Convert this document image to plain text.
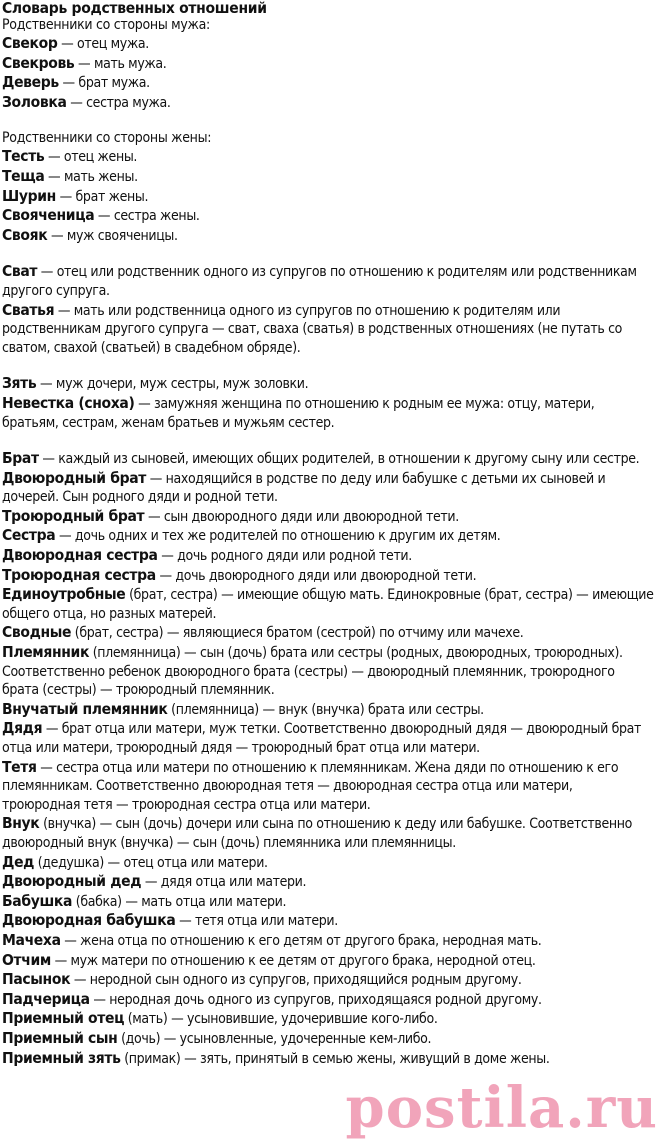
Словарь родственных отношений

Родственники со стороны мужа:

Свекор — отец мужа.

Свекровь — мать мужа.

Деверь — брат мужа.

Золовка — сестра мужа.

Родственники со стороны жены:

Тесть — отец жены.

Теща — мать жены.

Шурин — брат жены.

Свояченица — сестра жены.

Свояк — муж свояченицы.

Сват — отец или родственник одного из супругов по отношению к родителям или родственникам другого супруга.

Сватья — мать или родственница одного из супругов по отношению к родителям или родственникам другого супруга — сват, сваха (сватья) в родственных отношениях (не путать со сватом, свахой (сватьей) в свадебном обряде).

Зять — муж дочери, муж сестры, муж золовки.

Невестка (сноха) — замужняя женщина по отношению к родным ее мужа: отцу, матери, братьям, сестрам, женам братьев и мужьям сестер.

Брат — каждый из сыновей, имеющих общих родителей, в отношении к другому сыну или сестре.

Двоюродный брат — находящийся в родстве по деду или бабушке с детьми их сыновей и дочерей. Сын родного дяди и родной тети.

Троюродный брат — сын двоюродного дяди или двоюродной тети.

Сестра — дочь одних и тех же родителей по отношению к другим их детям.

Двоюродная сестра — дочь родного дяди или родной тети.

Троюродная сестра — дочь двоюродного дяди или двоюродной тети.

Единоутробные (брат, сестра) — имеющие общую мать. Единокровные (брат, сестра) — имеющие общего отца, но разных матерей.

Сводные (брат, сестра) — являющиеся братом (сестрой) по отчиму или мачехе.

Племянник (племянница) — сын (дочь) брата или сестры (родных, двоюродных, троюродных). Соответственно ребенок двоюродного брата (сестры) — двоюродный племянник, троюродного брата (сестры) — троюродный племянник.

Внучатый племянник (племянница) — внук (внучка) брата или сестры.

Дядя — брат отца или матери, муж тетки. Соответственно двоюродный дядя — двоюродный брат отца или матери, троюродный дядя — троюродный брат отца или матери.

Тетя — сестра отца или матери по отношению к племянникам. Жена дяди по отношению к его племянникам. Соответственно двоюродная тетя — двоюродная сестра отца или матери, троюродная тетя — троюродная сестра отца или матери.

Внук (внучка) — сын (дочь) дочери или сына по отношению к деду или бабушке. Соответственно двоюродный внук (внучка) — сын (дочь) племянника или племянницы.

Дед (дедушка) — отец отца или матери.

Двоюродный дед — дядя отца или матери.

Бабушка (бабка) — мать отца или матери.

Двоюродная бабушка — тетя отца или матери.

Мачеха — жена отца по отношению к его детям от другого брака, неродная мать.

Отчим — муж матери по отношению к ее детям от другого брака, неродной отец.

Пасынок — неродной сын одного из супругов, приходящийся родным другому.

Падчерица — неродная дочь одного из супругов, приходящаяся родной другому.

Приемный отец (мать) — усыновившие, удочерившие кого-либо.

Приемный сын (дочь) — усыновленные, удочеренные кем-либо.

Приемный зять (примак) — зять, принятый в семью жены, живущий в доме жены.

postila.ru
